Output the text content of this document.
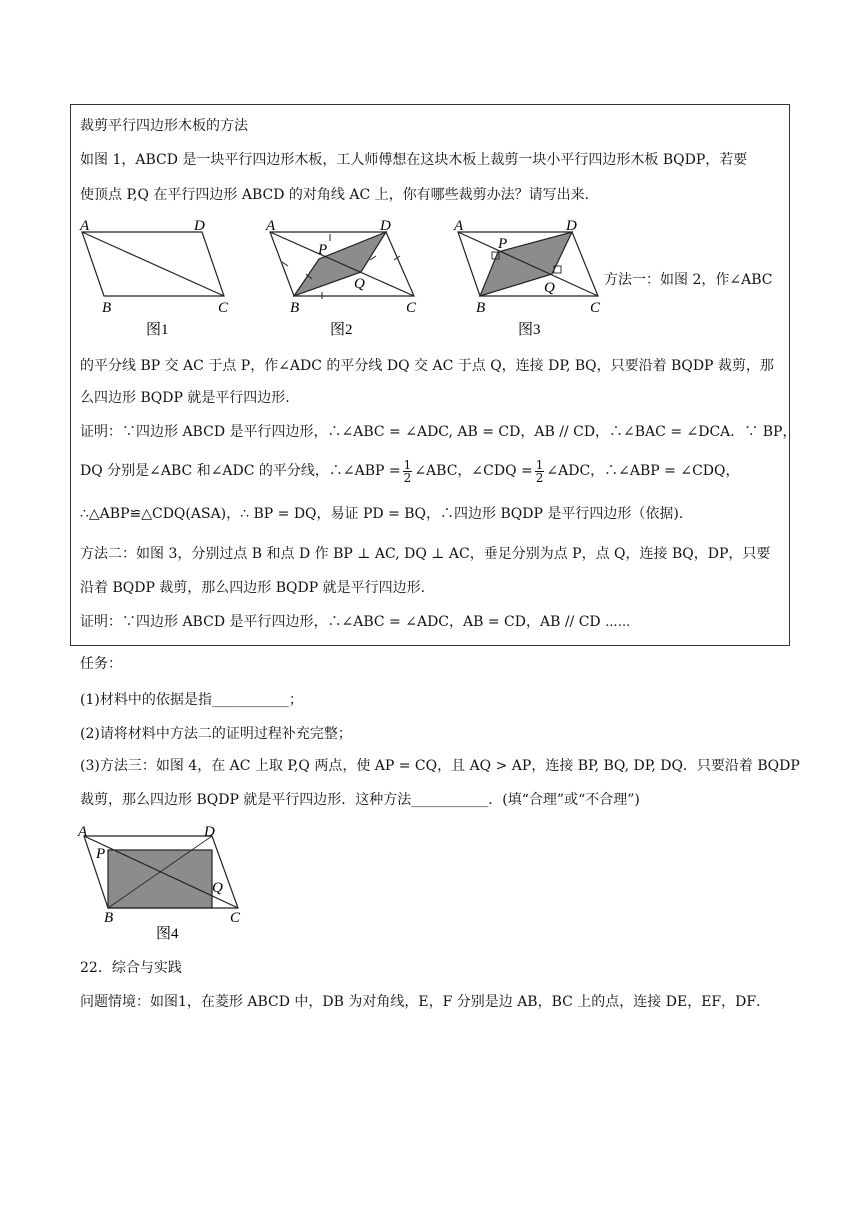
裁剪平行四边形木板的方法
如图 1，ABCD 是一块平行四边形木板，工人师傅想在这块木板上裁剪一块小平行四边形木板 BQDP，若要
使顶点 P,Q 在平行四边形 ABCD 的对角线 AC 上，你有哪些裁剪办法？请写出来.
A	D
B	C
图1
A	D
P
Q
B	C
图2
A	D
P
Q
B	C
图3
方法一：如图 2，作∠ABC
的平分线 BP 交 AC 于点 P，作∠ADC 的平分线 DQ 交 AC 于点 Q，连接 DP, BQ，只要沿着 BQDP 裁剪，那
么四边形 BQDP 就是平行四边形.
证明：∵四边形 ABCD 是平行四边形，∴∠ABC = ∠ADC, AB = CD，AB // CD，∴∠BAC = ∠DCA．∵ BP，
DQ 分别是∠ABC 和∠ADC 的平分线，∴∠ABP = $\frac{1}{2}$ ∠ABC，∠CDQ = $\frac{1}{2}$ ∠ADC，∴∠ABP = ∠CDQ，
∴△ABP≌△CDQ(ASA)，∴ BP = DQ，易证 PD = BQ，∴四边形 BQDP 是平行四边形（依据).
方法二：如图 3，分别过点 B 和点 D 作 BP ⊥ AC, DQ ⊥ AC，垂足分别为点 P，点 Q，连接 BQ，DP，只要
沿着 BQDP 裁剪，那么四边形 BQDP 就是平行四边形.
证明：∵四边形 ABCD 是平行四边形，∴∠ABC = ∠ADC，AB = CD，AB // CD ⋯⋯
任务：
(1)材料中的依据是指___________；
(2)请将材料中方法二的证明过程补充完整；
(3)方法三：如图 4，在 AC 上取 P,Q 两点，使 AP = CQ，且 AQ > AP，连接 BP, BQ, DP, DQ．只要沿着 BQDP
裁剪，那么四边形 BQDP 就是平行四边形．这种方法___________．(填“合理”或“不合理”)
A	D
P
Q
B	C
图4
22．综合与实践
问题情境：如图1，在菱形 ABCD 中，DB 为对角线，E，F 分别是边 AB，BC 上的点，连接 DE，EF，DF．
